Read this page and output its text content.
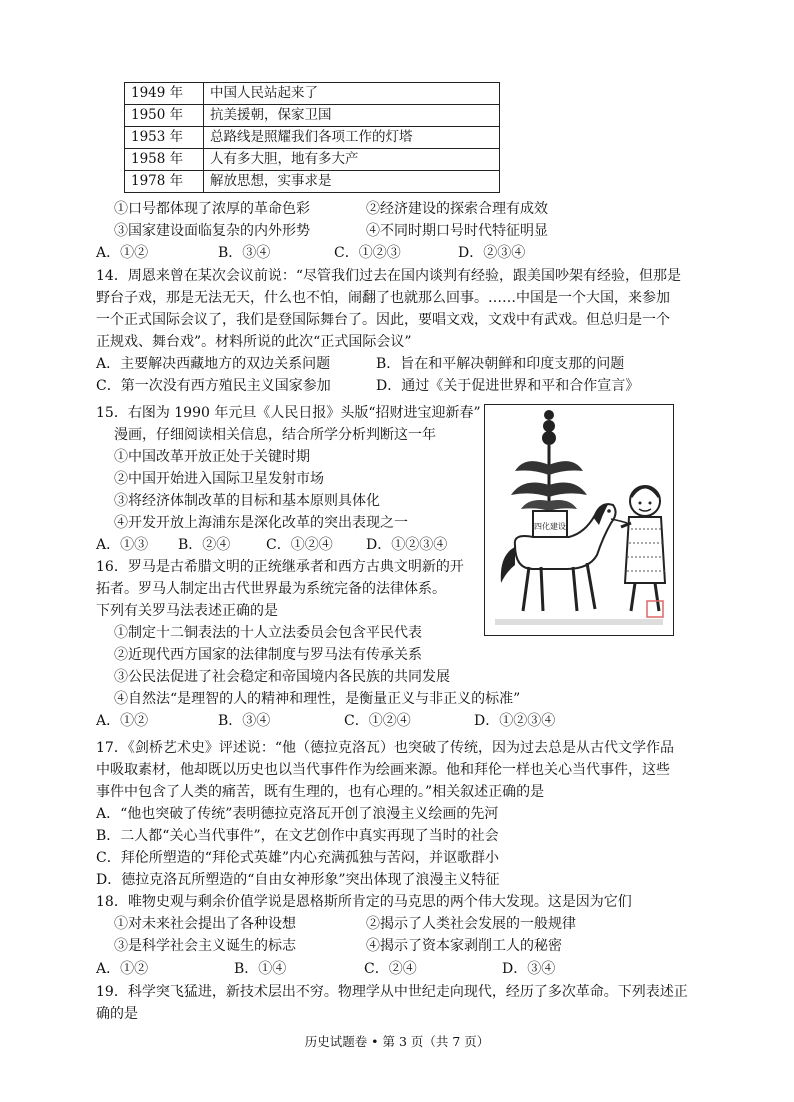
1949 年	中国人民站起来了
1950 年	抗美援朝，保家卫国
1953 年	总路线是照耀我们各项工作的灯塔
1958 年	人有多大胆，地有多大产
1978 年	解放思想，实事求是
①口号都体现了浓厚的革命色彩	②经济建设的探索合理有成效
③国家建设面临复杂的内外形势	④不同时期口号时代特征明显
A．①②	B．③④	C．①②③	D．②③④
14．周恩来曾在某次会议前说：“尽管我们过去在国内谈判有经验，跟美国吵架有经验，但那是
野台子戏，那是无法无天，什么也不怕，闹翻了也就那么回事。……中国是一个大国，来参加
一个正式国际会议了，我们是登国际舞台了。因此，要唱文戏，文戏中有武戏。但总归是一个
正规戏、舞台戏”。材料所说的此次“正式国际会议”
A．主要解决西藏地方的双边关系问题	B．旨在和平解决朝鲜和印度支那的问题
C．第一次没有西方殖民主义国家参加	D．通过《关于促进世界和平和合作宣言》
15．右图为 1990 年元旦《人民日报》头版“招财进宝迎新春”
漫画，仔细阅读相关信息，结合所学分析判断这一年
①中国改革开放正处于关键时期
②中国开始进入国际卫星发射市场
③将经济体制改革的目标和基本原则具体化
④开发开放上海浦东是深化改革的突出表现之一
A．①③ B．②④	C．①②④ D．①②③④
四化建设
16．罗马是古希腊文明的正统继承者和西方古典文明新的开
拓者。罗马人制定出古代世界最为系统完备的法律体系。
下列有关罗马法表述正确的是
①制定十二铜表法的十人立法委员会包含平民代表
②近现代西方国家的法律制度与罗马法有传承关系
③公民法促进了社会稳定和帝国境内各民族的共同发展
④自然法“是理智的人的精神和理性，是衡量正义与非正义的标准”
A．①②	B．③④	C．①②④	D．①②③④
17．《剑桥艺术史》评述说：“他（德拉克洛瓦）也突破了传统，因为过去总是从古代文学作品
中吸取素材，他却既以历史也以当代事件作为绘画来源。他和拜伦一样也关心当代事件，这些
事件中包含了人类的痛苦，既有生理的，也有心理的。”相关叙述正确的是
A．“他也突破了传统”表明德拉克洛瓦开创了浪漫主义绘画的先河
B．二人都“关心当代事件”，在文艺创作中真实再现了当时的社会
C．拜伦所塑造的“拜伦式英雄”内心充满孤独与苦闷，并讴歌群小
D．德拉克洛瓦所塑造的“自由女神形象”突出体现了浪漫主义特征
18．唯物史观与剩余价值学说是恩格斯所肯定的马克思的两个伟大发现。这是因为它们
①对未来社会提出了各种设想	②揭示了人类社会发展的一般规律
③是科学社会主义诞生的标志	④揭示了资本家剥削工人的秘密
A．①②	B．①④	C．②④	D．③④
19．科学突飞猛进，新技术层出不穷。物理学从中世纪走向现代，经历了多次革命。下列表述正
确的是
历史试题卷 • 第 3 页（共 7 页）
